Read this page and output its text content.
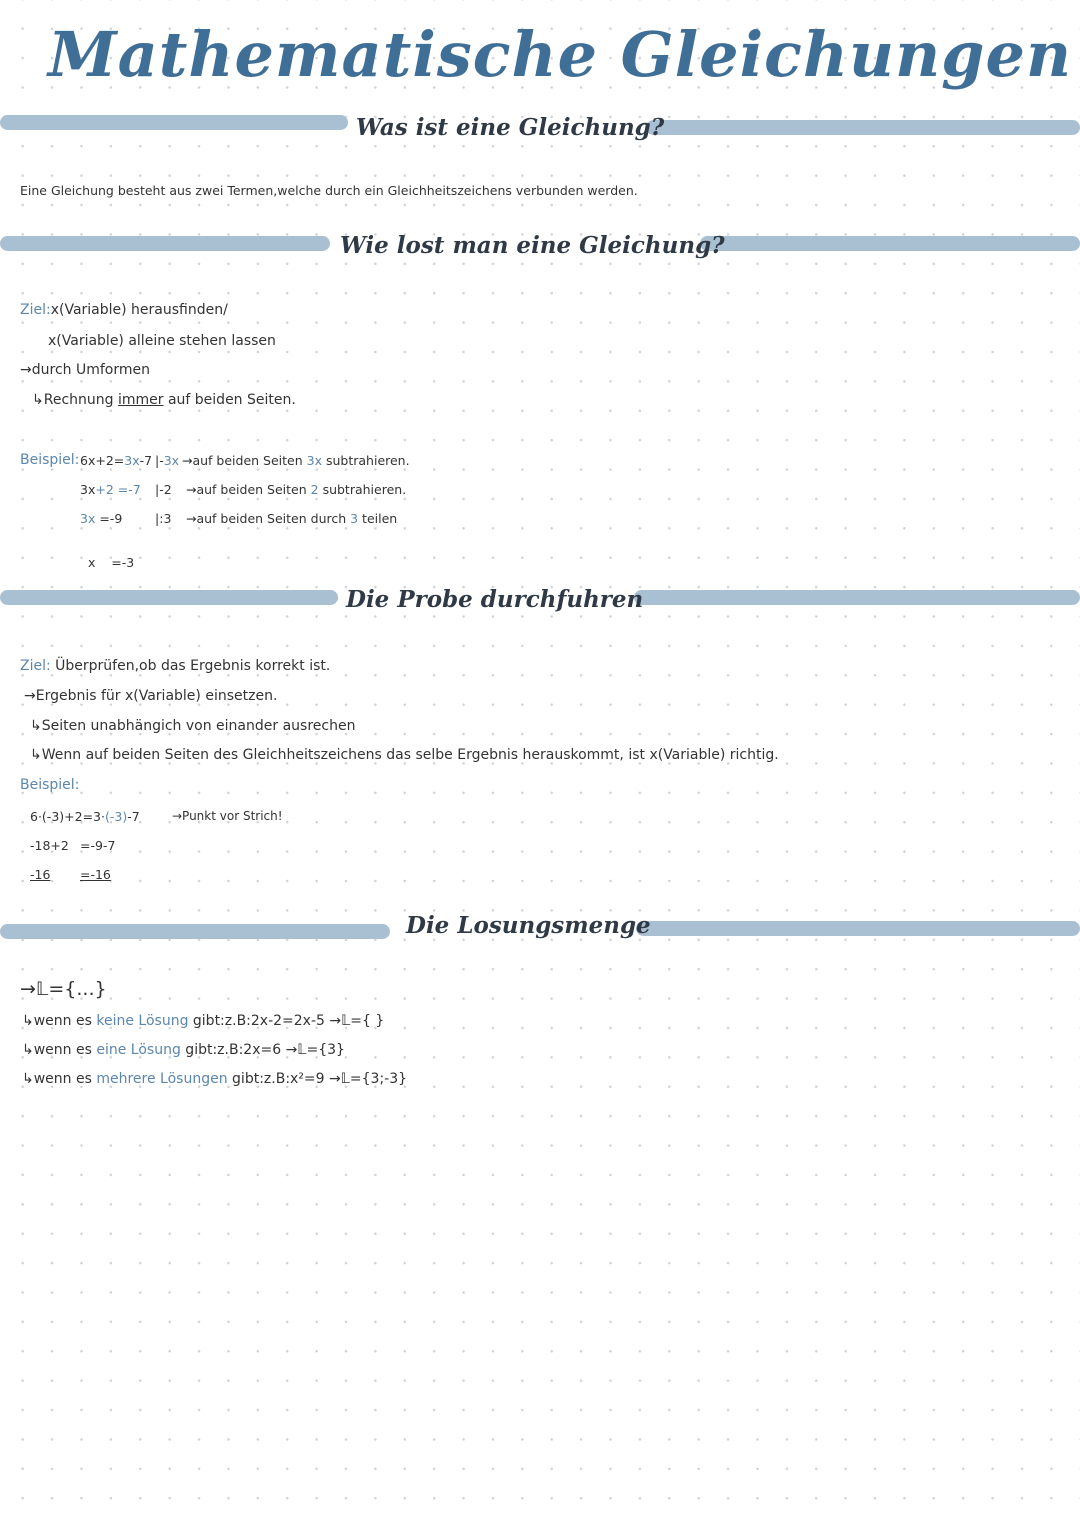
Mathematische Gleichungen
Was ist eine Gleichung?
Eine Gleichung besteht aus zwei Termen,welche durch ein Gleichheitszeichens verbunden werden.
Wie lost man eine Gleichung?
Ziel:x(Variable) herausfinden/
x(Variable) alleine stehen lassen
→durch Umformen
↳Rechnung immer auf beiden Seiten.
Beispiel: 6x+2=3x-7 |-3x →auf beiden Seiten 3x subtrahieren.
3x+2 =-7 |-2 →auf beiden Seiten 2 subtrahieren.
3x =-9	|:3 →auf beiden Seiten durch 3 teilen

x    =-3

Die Probe durchfuhren
Ziel: Überprüfen,ob das Ergebnis korrekt ist.
→Ergebnis für x(Variable) einsetzen.
↳Seiten unabhängich von einander ausrechen
↳Wenn auf beiden Seiten des Gleichheitszeichens das selbe Ergebnis herauskommt, ist x(Variable) richtig.
Beispiel:
6·(-3)+2=3·(-3)-7	→Punkt vor Strich!
-18+2 =-9-7
-16 =-16
Die Losungsmenge
→𝕃={...}
↳wenn es keine Lösung gibt:z.B:2x-2=2x-5 →𝕃={ }
↳wenn es eine Lösung gibt:z.B:2x=6 →𝕃={3}
↳wenn es mehrere Lösungen gibt:z.B:x²=9 →𝕃={3;-3}
